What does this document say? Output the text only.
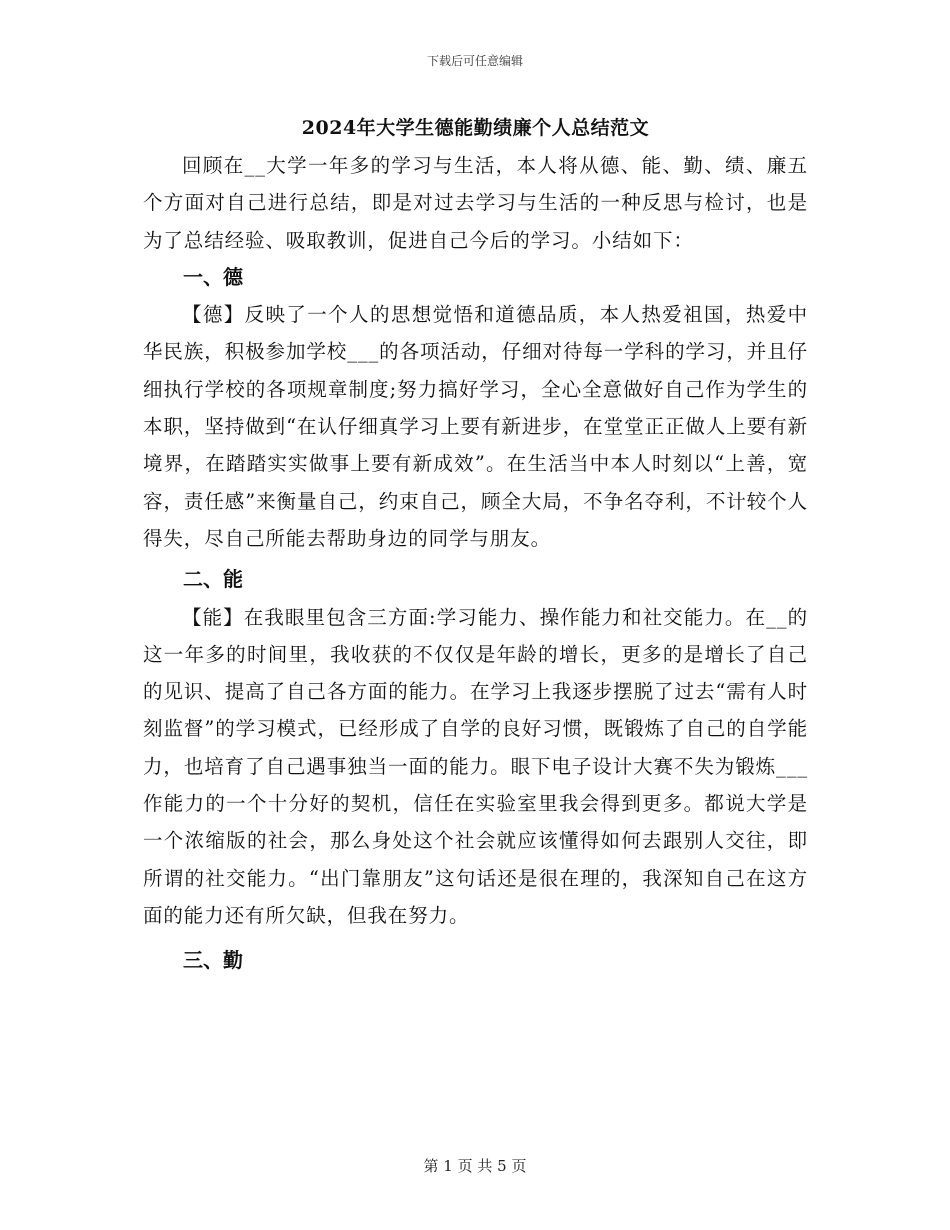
下载后可任意编辑
2024年大学生德能勤绩廉个人总结范文

回顾在__大学一年多的学习与生活，本人将从德、能、勤、绩、廉五个方面对自己进行总结，即是对过去学习与生活的一种反思与检讨，也是为了总结经验、吸取教训，促进自己今后的学习。小结如下：

一、德

【德】反映了一个人的思想觉悟和道德品质，本人热爱祖国，热爱中华民族，积极参加学校___的各项活动，仔细对待每一学科的学习，并且仔细执行学校的各项规章制度;努力搞好学习，全心全意做好自己作为学生的本职，坚持做到“在认仔细真学习上要有新进步，在堂堂正正做人上要有新境界，在踏踏实实做事上要有新成效”。在生活当中本人时刻以“上善，宽容，责任感”来衡量自己，约束自己，顾全大局，不争名夺利，不计较个人得失，尽自己所能去帮助身边的同学与朋友。

二、能

【能】在我眼里包含三方面:学习能力、操作能力和社交能力。在__的这一年多的时间里，我收获的不仅仅是年龄的增长，更多的是增长了自己的见识、提高了自己各方面的能力。在学习上我逐步摆脱了过去“需有人时刻监督”的学习模式，已经形成了自学的良好习惯，既锻炼了自己的自学能力，也培育了自己遇事独当一面的能力。眼下电子设计大赛不失为锻炼___作能力的一个十分好的契机，信任在实验室里我会得到更多。都说大学是一个浓缩版的社会，那么身处这个社会就应该懂得如何去跟别人交往，即所谓的社交能力。“出门靠朋友”这句话还是很在理的，我深知自己在这方面的能力还有所欠缺，但我在努力。

三、勤
第 1 页 共 5 页
